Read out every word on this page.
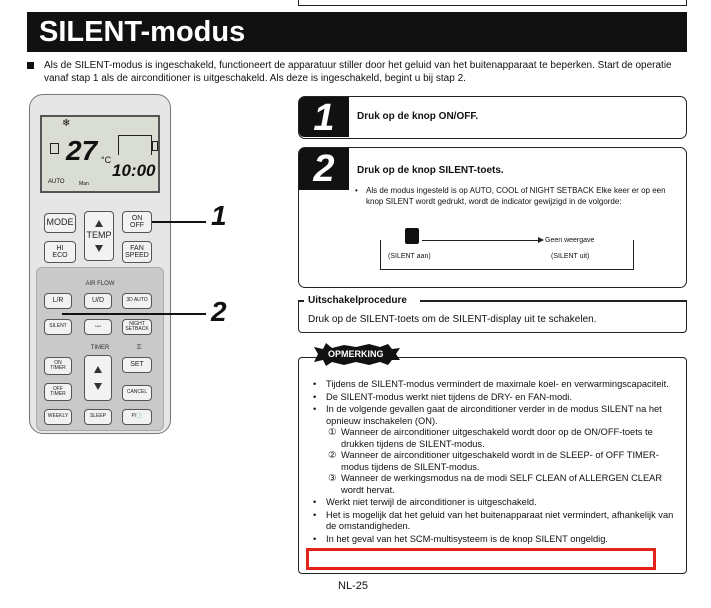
SILENT-modus

Als de SILENT-modus is ingeschakeld, functioneert de apparatuur stiller door het geluid van het buitenapparaat te beperken. Start de operatie vanaf stap 1 als de airconditioner is uitgeschakeld. Als deze is ingeschakeld, begint u bij stap 2.

❄
27 °C
10:00
AUTO	Man
MODE
TEMP
ON
OFF
HI
ECO
FAN
SPEED
AIR FLOW
L/R	U/D	3D AUTO
SILENT	ᵕᵕ	NIGHT
SETBACK
TIMER	⚿
ON
TIMER	SET
OFF
TIMER	CANCEL
WEEKLY	SLEEP	P/🕐
1
2
1	Druk op de knop ON/OFF.
2	Druk op de knop SILENT-toets.
• Als de modus ingesteld is op AUTO, COOL of NIGHT SETBACK Elke keer er op een knop SILENT wordt gedrukt, wordt de indicator gewijzigd in de volgorde:

(SILENT aan)
Geen weergave
(SILENT uit)
Uitschakelprocedure
Druk op de SILENT-toets om de SILENT-display uit te schakelen.
OPMERKING
• Tijdens de SILENT-modus vermindert de maximale koel- en verwarmingscapaciteit.
• De SILENT-modus werkt niet tijdens de DRY- en FAN-modi.
• In de volgende gevallen gaat de airconditioner verder in de modus SILENT na het opnieuw inschakelen (ON).
① Wanneer de airconditioner uitgeschakeld wordt door op de ON/OFF-toets te drukken tijdens de SILENT-modus.
② Wanneer de airconditioner uitgeschakeld wordt in de SLEEP- of OFF TIMER-modus tijdens de SILENT-modus.
③ Wanneer de werkingsmodus na de modi SELF CLEAN of ALLERGEN CLEAR wordt hervat.
• Werkt niet terwijl de airconditioner is uitgeschakeld.
• Het is mogelijk dat het geluid van het buitenapparaat niet vermindert, afhankelijk van de omstandigheden.
• In het geval van het SCM-multisysteem is de knop SILENT ongeldig.
NL-25
